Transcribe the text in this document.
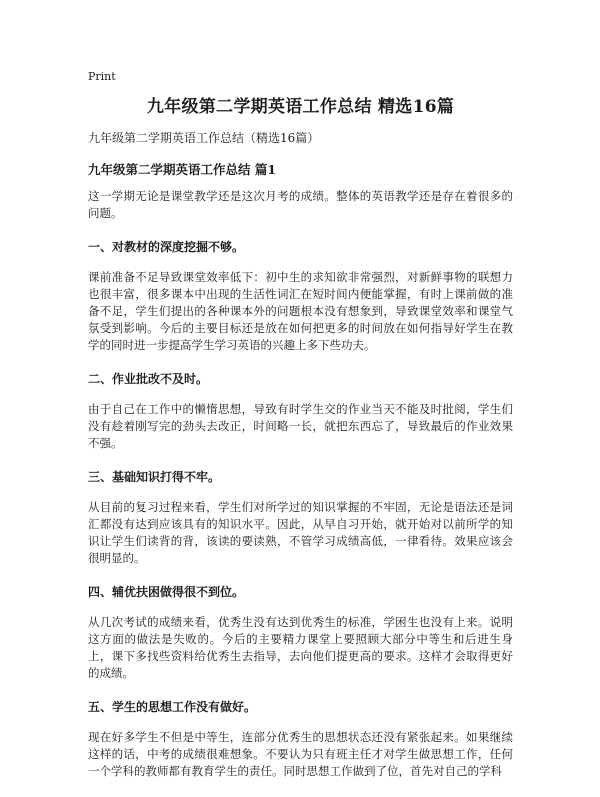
Print
九年级第二学期英语工作总结 精选16篇
九年级第二学期英语工作总结（精选16篇）
九年级第二学期英语工作总结 篇1

这一学期无论是课堂教学还是这次月考的成绩。整体的英语教学还是存在着很多的问题。

一、对教材的深度挖掘不够。

课前准备不足导致课堂效率低下：初中生的求知欲非常强烈，对新鲜事物的联想力也很丰富，很多课本中出现的生活性词汇在短时间内便能掌握，有时上课前做的准备不足，学生们提出的各种课本外的问题根本没有想象到，导致课堂效率和课堂气氛受到影响。今后的主要目标还是放在如何把更多的时间放在如何指导好学生在教学的同时进一步提高学生学习英语的兴趣上多下些功夫。

二、作业批改不及时。

由于自己在工作中的懒惰思想，导致有时学生交的作业当天不能及时批阅，学生们没有趁着刚写完的劲头去改正，时间略一长，就把东西忘了，导致最后的作业效果不强。

三、基础知识打得不牢。

从目前的复习过程来看，学生们对所学过的知识掌握的不牢固，无论是语法还是词汇都没有达到应该具有的知识水平。因此，从早自习开始，就开始对以前所学的知识让学生们读背的背，该读的要读熟，不管学习成绩高低，一律看待。效果应该会很明显的。

四、辅优扶困做得很不到位。

从几次考试的成绩来看，优秀生没有达到优秀生的标准，学困生也没有上来。说明这方面的做法是失败的。今后的主要精力课堂上要照顾大部分中等生和后进生身上，课下多找些资料给优秀生去指导，去向他们提更高的要求。这样才会取得更好的成绩。

五、学生的思想工作没有做好。

现在好多学生不但是中等生，连部分优秀生的思想状态还没有紧张起来。如果继续这样的话，中考的成绩很难想象。不要认为只有班主任才对学生做思想工作，任何一个学科的教师都有教育学生的责任。同时思想工作做到了位，首先对自己的学科
